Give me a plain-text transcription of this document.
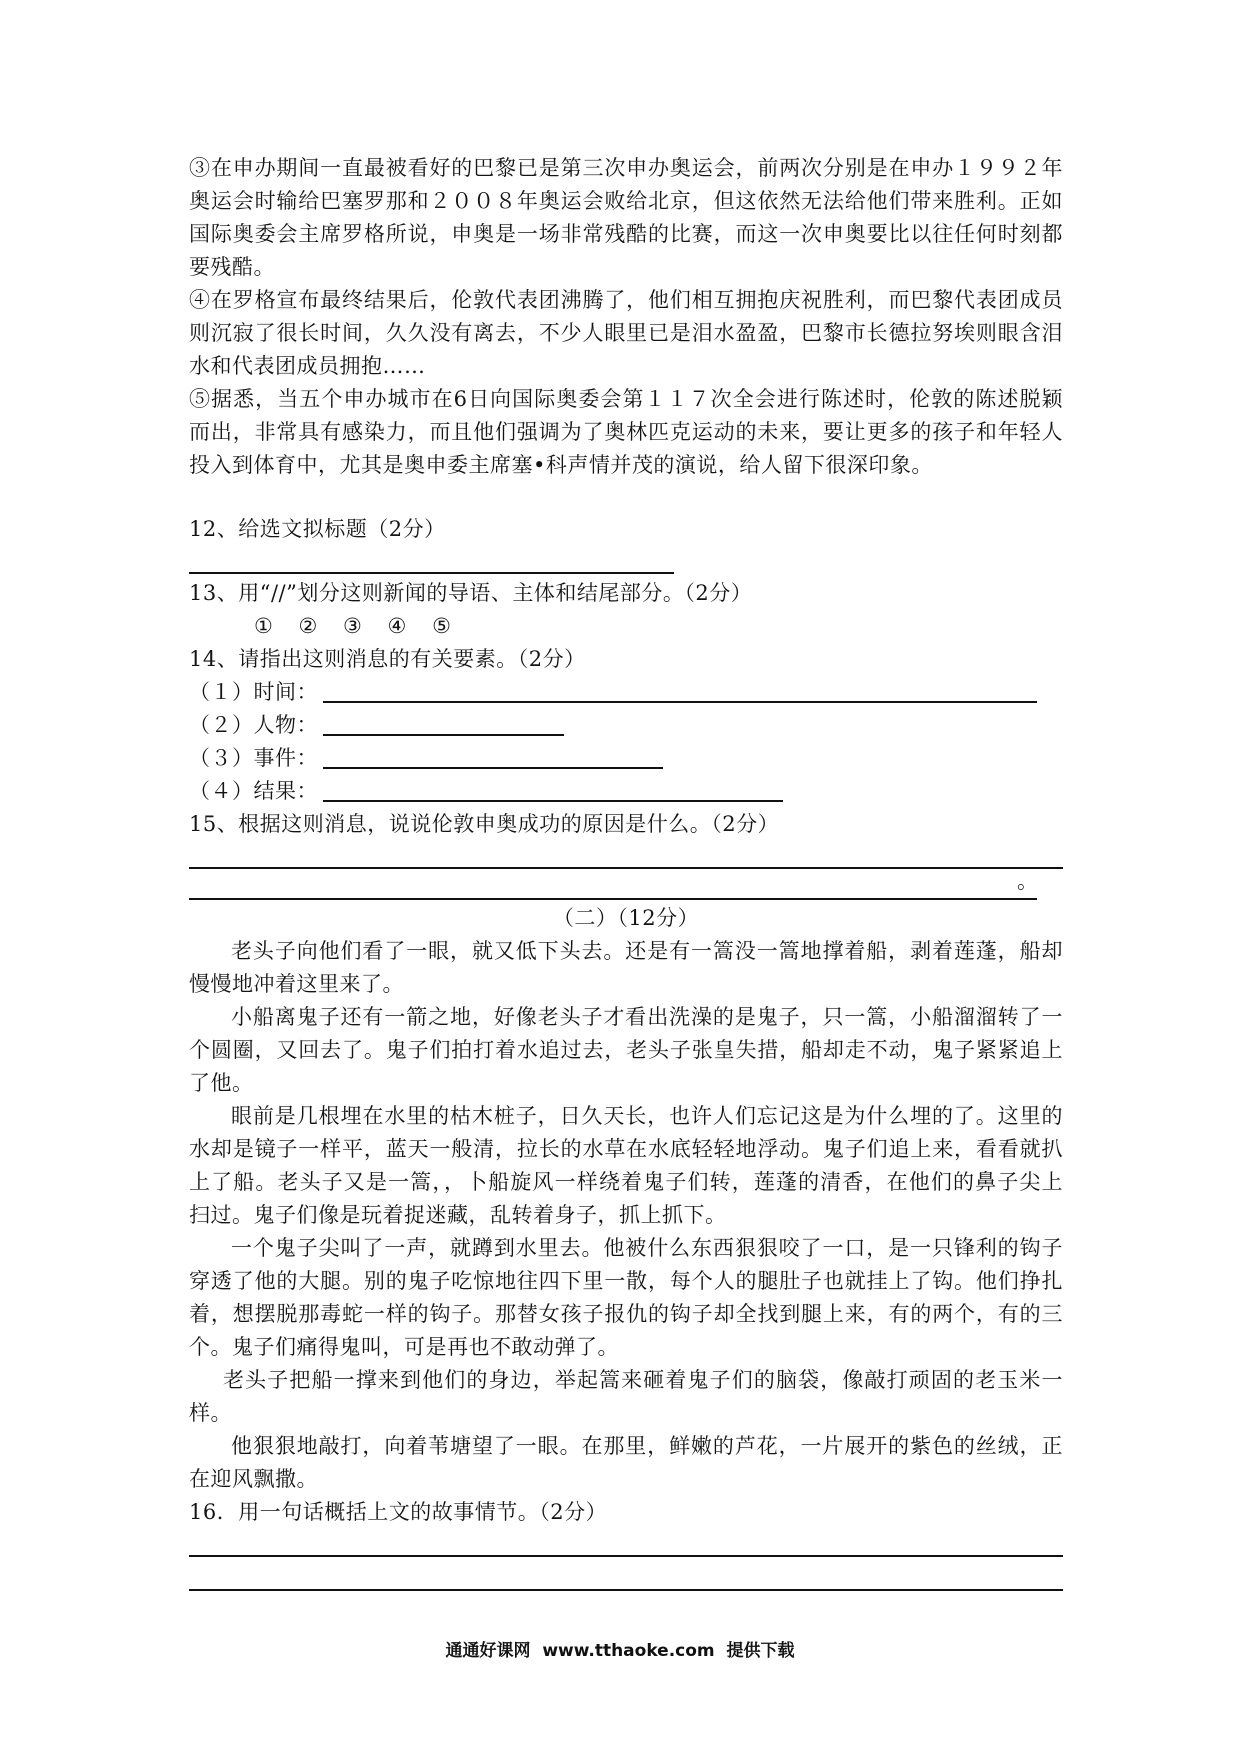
③在申办期间一直最被看好的巴黎已是第三次申办奥运会，前两次分别是在申办１９９２年
奥运会时输给巴塞罗那和２００８年奥运会败给北京，但这依然无法给他们带来胜利。正如
国际奥委会主席罗格所说，申奥是一场非常残酷的比赛，而这一次申奥要比以往任何时刻都
要残酷。
④在罗格宣布最终结果后，伦敦代表团沸腾了，他们相互拥抱庆祝胜利，而巴黎代表团成员
则沉寂了很长时间，久久没有离去，不少人眼里已是泪水盈盈，巴黎市长德拉努埃则眼含泪
水和代表团成员拥抱……
⑤据悉，当五个申办城市在6日向国际奥委会第１１７次全会进行陈述时，伦敦的陈述脱颖
而出，非常具有感染力，而且他们强调为了奥林匹克运动的未来，要让更多的孩子和年轻人
投入到体育中，尤其是奥申委主席塞•科声情并茂的演说，给人留下很深印象。
12、给选文拟标题（2分）
13、用“//”划分这则新闻的导语、主体和结尾部分。（2分）
① ② ③ ④ ⑤
14、请指出这则消息的有关要素。（2分）
（１）时间：
（２）人物：
（３）事件：
（４）结果：
15、根据这则消息，说说伦敦申奥成功的原因是什么。（2分）
。
（二）（12分）
老头子向他们看了一眼，就又低下头去。还是有一篙没一篙地撑着船，剥着莲蓬，船却
慢慢地冲着这里来了。
小船离鬼子还有一箭之地，好像老头子才看出洗澡的是鬼子，只一篙，小船溜溜转了一
个圆圈，又回去了。鬼子们拍打着水追过去，老头子张皇失措，船却走不动，鬼子紧紧追上
了他。
眼前是几根埋在水里的枯木桩子，日久天长，也许人们忘记这是为什么埋的了。这里的
水却是镜子一样平，蓝天一般清，拉长的水草在水底轻轻地浮动。鬼子们追上来，看看就扒
上了船。老头子又是一篙，，卜船旋风一样绕着鬼子们转，莲蓬的清香，在他们的鼻子尖上
扫过。鬼子们像是玩着捉迷藏，乱转着身子，抓上抓下。
一个鬼子尖叫了一声，就蹲到水里去。他被什么东西狠狠咬了一口，是一只锋利的钩子
穿透了他的大腿。别的鬼子吃惊地往四下里一散，每个人的腿肚子也就挂上了钩。他们挣扎
着，想摆脱那毒蛇一样的钩子。那替女孩子报仇的钩子却全找到腿上来，有的两个，有的三
个。鬼子们痛得鬼叫，可是再也不敢动弹了。
老头子把船一撑来到他们的身边，举起篙来砸着鬼子们的脑袋，像敲打顽固的老玉米一
样。
他狠狠地敲打，向着苇塘望了一眼。在那里，鲜嫩的芦花，一片展开的紫色的丝绒，正
在迎风飘撒。
16．用一句话概括上文的故事情节。（2分）
通通好课网  www.tthaoke.com  提供下载
